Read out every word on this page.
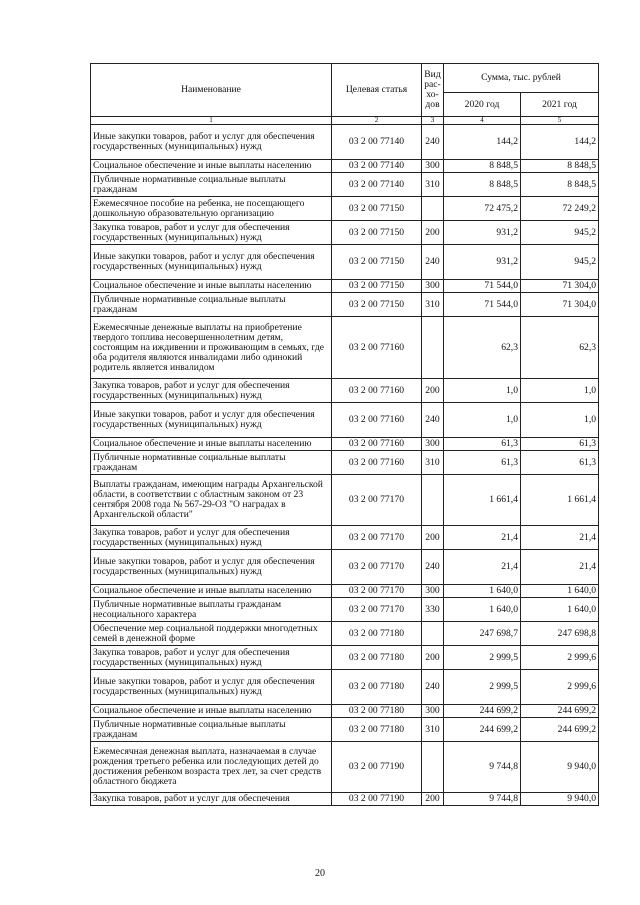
Наименование	Целевая статья	Вид рас-хо-дов	Сумма, тыс. рублей	
			2020 год	2021 год
1	2	3	4	5
Иные закупки товаров, работ и услуг для обеспечения государственных (муниципальных) нужд	03 2 00 77140	240	144,2	144,2
Социальное обеспечение и иные выплаты населению	03 2 00 77140	300	8 848,5	8 848,5
Публичные нормативные социальные выплаты гражданам	03 2 00 77140	310	8 848,5	8 848,5
Ежемесячное пособие на ребенка, не посещающего дошкольную образовательную организацию	03 2 00 77150		72 475,2	72 249,2
Закупка товаров, работ и услуг для обеспечения государственных (муниципальных) нужд	03 2 00 77150	200	931,2	945,2
Иные закупки товаров, работ и услуг для обеспечения государственных (муниципальных) нужд	03 2 00 77150	240	931,2	945,2
Социальное обеспечение и иные выплаты населению	03 2 00 77150	300	71 544,0	71 304,0
Публичные нормативные социальные выплаты гражданам	03 2 00 77150	310	71 544,0	71 304,0
Ежемесячные денежные выплаты на приобретение твердого топлива несовершеннолетним детям, состоящим на иждивении и проживающим в семьях, где оба родителя являются инвалидами либо одинокий родитель является инвалидом	03 2 00 77160		62,3	62,3
Закупка товаров, работ и услуг для обеспечения государственных (муниципальных) нужд	03 2 00 77160	200	1,0	1,0
Иные закупки товаров, работ и услуг для обеспечения государственных (муниципальных) нужд	03 2 00 77160	240	1,0	1,0
Социальное обеспечение и иные выплаты населению	03 2 00 77160	300	61,3	61,3
Публичные нормативные социальные выплаты гражданам	03 2 00 77160	310	61,3	61,3
Выплаты гражданам, имеющим награды Архангельской области, в соответствии с областным законом от 23 сентября 2008 года № 567-29-ОЗ "О наградах в Архангельской области"	03 2 00 77170		1 661,4	1 661,4
Закупка товаров, работ и услуг для обеспечения государственных (муниципальных) нужд	03 2 00 77170	200	21,4	21,4
Иные закупки товаров, работ и услуг для обеспечения государственных (муниципальных) нужд	03 2 00 77170	240	21,4	21,4
Социальное обеспечение и иные выплаты населению	03 2 00 77170	300	1 640,0	1 640,0
Публичные нормативные выплаты гражданам несоциального характера	03 2 00 77170	330	1 640,0	1 640,0
Обеспечение мер социальной поддержки многодетных семей в денежной форме	03 2 00 77180		247 698,7	247 698,8
Закупка товаров, работ и услуг для обеспечения государственных (муниципальных) нужд	03 2 00 77180	200	2 999,5	2 999,6
Иные закупки товаров, работ и услуг для обеспечения государственных (муниципальных) нужд	03 2 00 77180	240	2 999,5	2 999,6
Социальное обеспечение и иные выплаты населению	03 2 00 77180	300	244 699,2	244 699,2
Публичные нормативные социальные выплаты гражданам	03 2 00 77180	310	244 699,2	244 699,2
Ежемесячная денежная выплата, назначаемая в случае рождения третьего ребенка или последующих детей до достижения ребенком возраста трех лет, за счет средств областного бюджета	03 2 00 77190		9 744,8	9 940,0
Закупка товаров, работ и услуг для обеспечения	03 2 00 77190	200	9 744,8	9 940,0
20
